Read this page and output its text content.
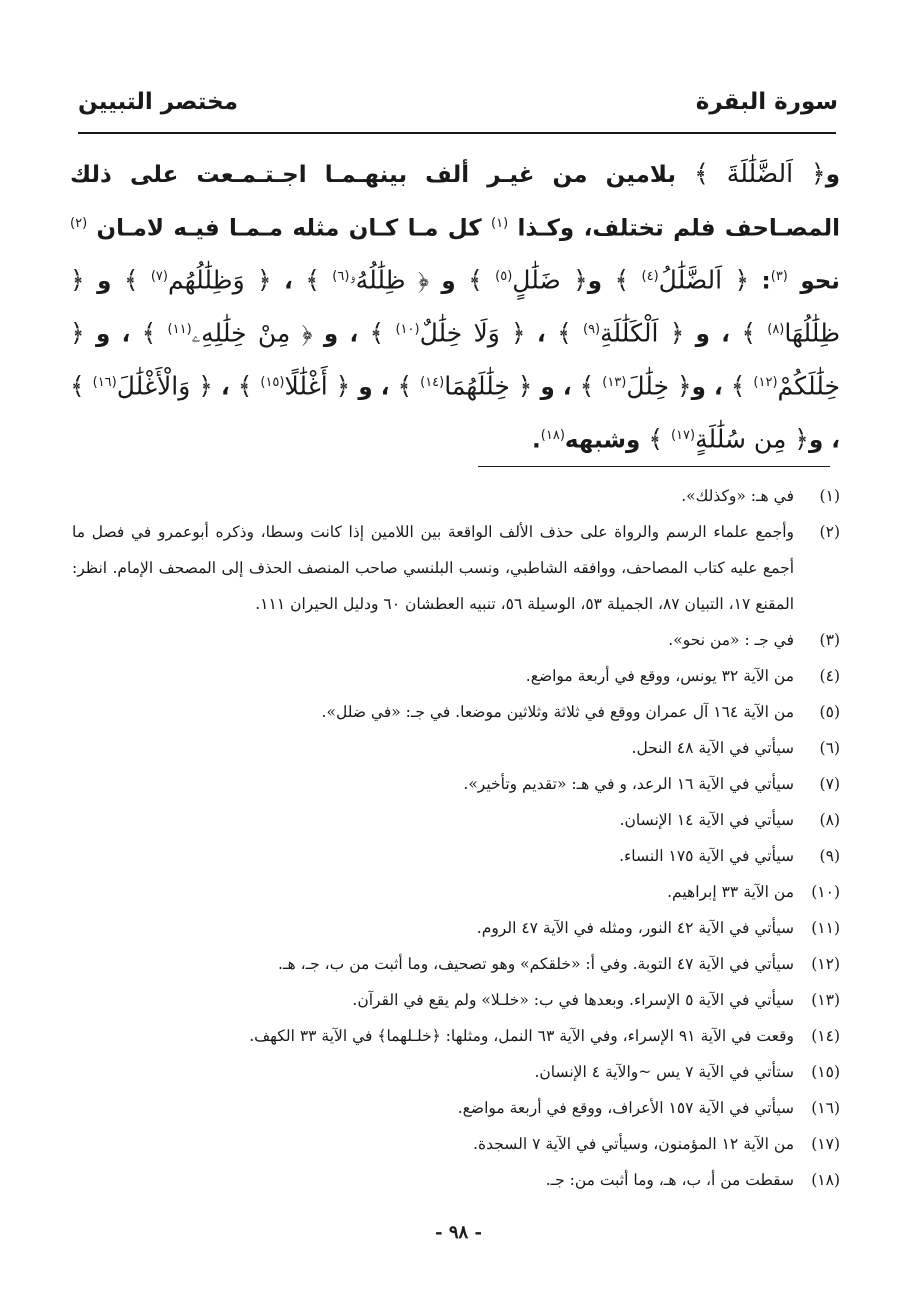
سورة البقرة
مختصر التبيين
و﴿ اَلضَّلَٰلَةَ ﴾ بلامين من غيـر ألف بينهـمـا اجـتـمـعت على ذلك المصـاحف فلم تختلف، وكـذا $^{(١)}$ كل مـا كـان مثله مـمـا فيـه لامـان $^{(٢)}$ نحو $^{(٣)}$: ﴿ اَلضَّلَٰلُ$^{(٤)}$ ﴾ و﴿ ضَلَٰلٍ$^{(٥)}$ ﴾ و ﴿ ظِلَٰلُهُۥ$^{(٦)}$ ﴾ ، ﴿ وَظِلَٰلُهُم$^{(٧)}$ ﴾ و ﴿ ظِلَٰلُهَا$^{(٨)}$ ﴾ ، و ﴿ اَلْكَلَٰلَةِ$^{(٩)}$ ﴾ ، ﴿ وَلَا خِلَٰلٌ$^{(١٠)}$ ﴾ ، و ﴿ مِنْ خِلَٰلِهِۦ$^{(١١)}$ ﴾ ، و ﴿ خِلَٰلَكُمْ$^{(١٢)}$ ﴾ ، و﴿ خِلَٰلَ$^{(١٣)}$ ﴾ ، و ﴿ خِلَٰلَهُمَا$^{(١٤)}$ ﴾ ، و ﴿ أَغْلَٰلًا$^{(١٥)}$ ﴾ ، ﴿ وَالْأَغْلَٰلَ$^{(١٦)}$ ﴾ ، و﴿ مِن سُلَٰلَةٍ$^{(١٧)}$ ﴾ وشبهه$^{(١٨)}$.
(١)
في هـ: «وكذلك».
(٢)
وأجمع علماء الرسم والرواة على حذف الألف الواقعة بين اللامين إذا كانت وسطا، وذكره أبوعمرو في فصل ما أجمع عليه كتاب المصاحف، ووافقه الشاطبي، ونسب البلنسي صاحب المنصف الحذف إلى المصحف الإمام. انظر: المقنع ١٧، التبيان ٨٧، الجميلة ٥٣، الوسيلة ٥٦، تنبيه العطشان ٦٠ ودليل الحيران ١١١.
(٣)
في جـ : «من نحو».
(٤)
من الآية ٣٢ يونس، ووقع في أربعة مواضع.
(٥)
من الآية ١٦٤ آل عمران ووقع في ثلاثة وثلاثين موضعا. في جـ: «في ضلل».
(٦)
سيأتي في الآية ٤٨ النحل.
(٧)
سيأتي في الآية ١٦ الرعد، و في هـ: «تقديم وتأخير».
(٨)
سيأتي في الآية ١٤ الإنسان.
(٩)
سيأتي في الآية ١٧٥ النساء.
(١٠)
من الآية ٣٣ إبراهيم.
(١١)
سيأتي في الآية ٤٢ النور، ومثله في الآية ٤٧ الروم.
(١٢)
سيأتي في الآية ٤٧ التوبة. وفي أ: «خلقكم» وهو تصحيف، وما أثبت من ب، جـ، هـ.
(١٣)
سيأتي في الآية ٥ الإسراء. وبعدها في ب: «خلـلا» ولم يقع في القرآن.
(١٤)
وقعت في الآية ٩١ الإسراء، وفي الآية ٦٣ النمل، ومثلها: ﴿خلـلهما﴾ في الآية ٣٣ الكهف.
(١٥)
ستأتي في الآية ٧ يس ~والآية ٤ الإنسان.
(١٦)
سيأتي في الآية ١٥٧ الأعراف، ووقع في أربعة مواضع.
(١٧)
من الآية ١٢ المؤمنون، وسيأتي في الآية ٧ السجدة.
(١٨)
سقطت من أ، ب، هـ، وما أثبت من: جـ.
- ٩٨ -
